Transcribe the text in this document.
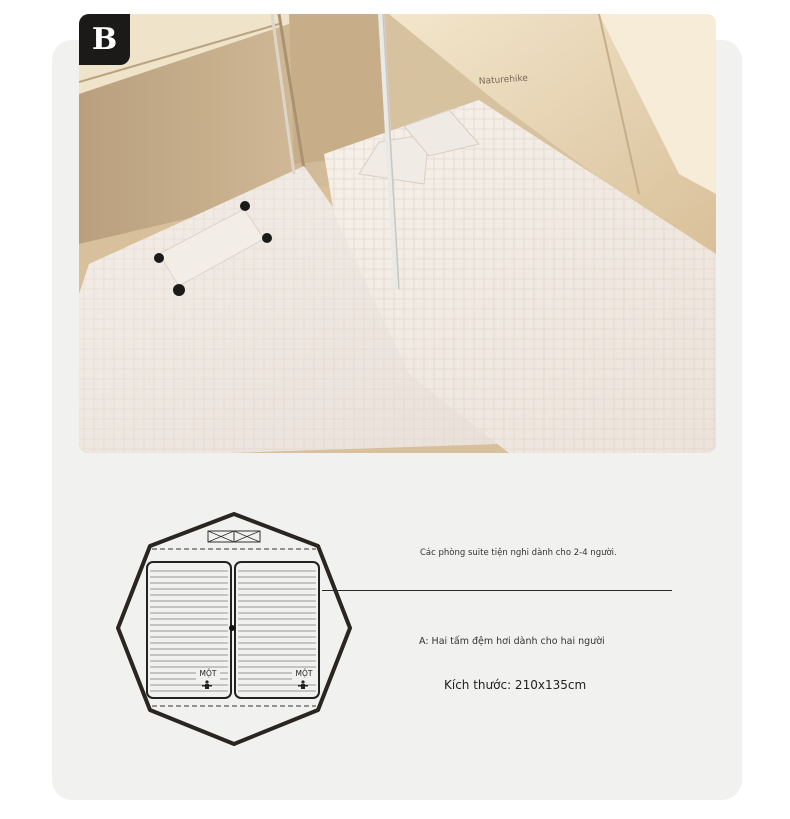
Naturehike
B
MỘT	MỘT
Các phòng suite tiện nghi dành cho 2-4 người.
A: Hai tấm đệm hơi dành cho hai người
Kích thước: 210x135cm
